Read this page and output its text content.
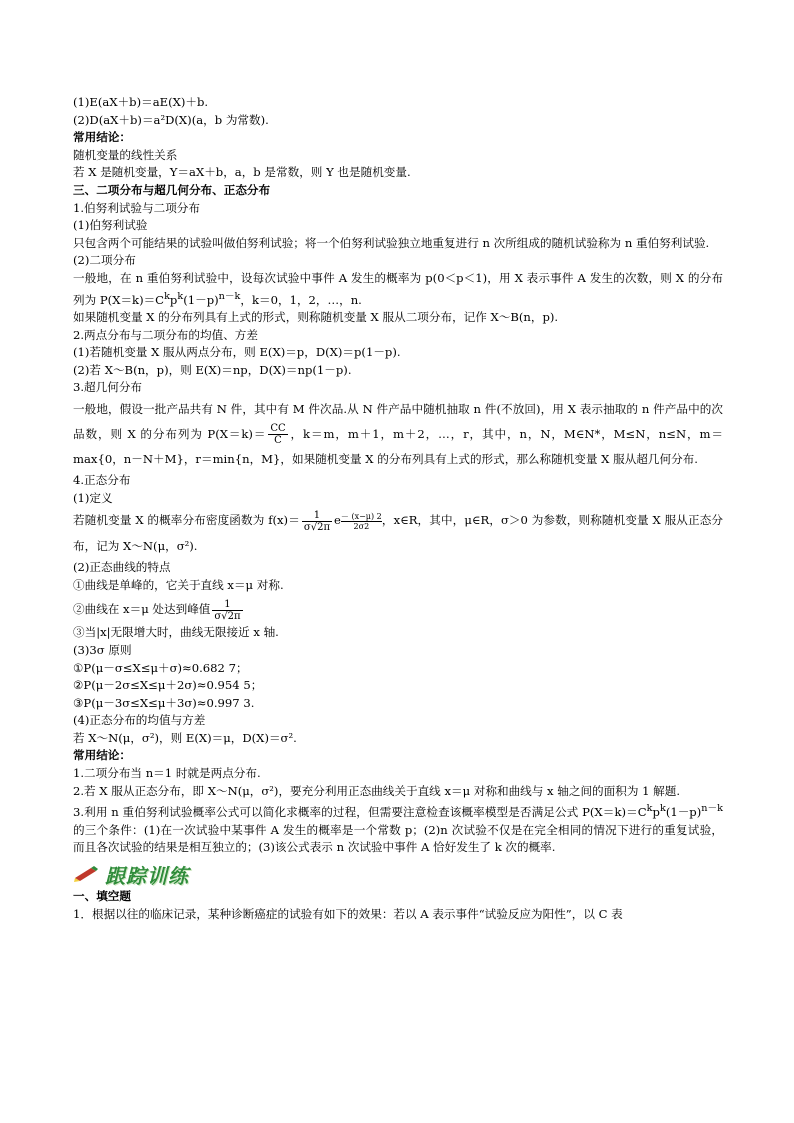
(1)E(aX＋b)＝aE(X)＋b.
(2)D(aX＋b)＝a²D(X)(a，b 为常数).
常用结论：
随机变量的线性关系
若 X 是随机变量，Y＝aX＋b，a，b 是常数，则 Y 也是随机变量.
三、二项分布与超几何分布、正态分布
1.伯努利试验与二项分布
(1)伯努利试验
只包含两个可能结果的试验叫做伯努利试验；将一个伯努利试验独立地重复进行 n 次所组成的随机试验称为 n 重伯努利试验.
(2)二项分布
一般地，在 n 重伯努利试验中，设每次试验中事件 A 发生的概率为 p(0＜p＜1)，用 X 表示事件 A 发生的次数，则 X 的分布列为 $P(X=k)=C^kp^k(1-p)^{n-k}$，k＝0，1，2，…，n.
如果随机变量 X 的分布列具有上式的形式，则称随机变量 X 服从二项分布，记作 X～B(n，p).
2.两点分布与二项分布的均值、方差
(1)若随机变量 X 服从两点分布，则 E(X)＝p，D(X)＝p(1－p).
(2)若 X～B(n，p)，则 E(X)＝np，D(X)＝np(1－p).
3.超几何分布
一般地，假设一批产品共有 N 件，其中有 M 件次品.从 N 件产品中随机抽取 n 件(不放回)，用 X 表示抽取的 n 件产品中的次品数，则 X 的分布列为 $P(X=k)= \frac{CC}{C}$ ，k＝m，m＋1，m＋2，…，r，其中，n，N，M∈N*，M≤N，n≤N，m＝max{0，n－N＋M}，r＝min{n，M}，如果随机变量 X 的分布列具有上式的形式，那么称随机变量 X 服从超几何分布.
4.正态分布
(1)定义
若随机变量 X 的概率分布密度函数为 $f(x)= \frac{1}{\sigma√2\pi}$ e $\frac{- (x-\mu) 2}{2\sigma 2}$，x∈R，其中，μ∈R，σ＞0 为参数，则称随机变量 X 服从正态分布，记为 X～N(μ，σ²).
(2)正态曲线的特点
①曲线是单峰的，它关于直线 x＝μ 对称.
②曲线在 x＝μ 处达到峰值 $\frac{1}{\sigma√2\pi}$
③当|x|无限增大时，曲线无限接近 x 轴.
(3)3σ 原则
①P(μ－σ≤X≤μ＋σ)≈0.682 7；
②P(μ－2σ≤X≤μ＋2σ)≈0.954 5；
③P(μ－3σ≤X≤μ＋3σ)≈0.997 3.
(4)正态分布的均值与方差
若 X～N(μ，σ²)，则 E(X)＝μ，D(X)＝σ².
常用结论：
1.二项分布当 n＝1 时就是两点分布.
2.若 X 服从正态分布，即 X～N(μ，σ²)，要充分利用正态曲线关于直线 x＝μ 对称和曲线与 x 轴之间的面积为 1 解题.
3.利用 n 重伯努利试验概率公式可以简化求概率的过程，但需要注意检查该概率模型是否满足公式 $P(X=k)=C^kp^k(1-p)^{n-k}$的三个条件：(1)在一次试验中某事件 A 发生的概率是一个常数 p；(2)n 次试验不仅是在完全相同的情况下进行的重复试验，而且各次试验的结果是相互独立的；(3)该公式表示 n 次试验中事件 A 恰好发生了 k 次的概率.
跟踪训练
一、填空题
1．根据以往的临床记录，某种诊断癌症的试验有如下的效果：若以 A 表示事件“试验反应为阳性”，以 C 表
